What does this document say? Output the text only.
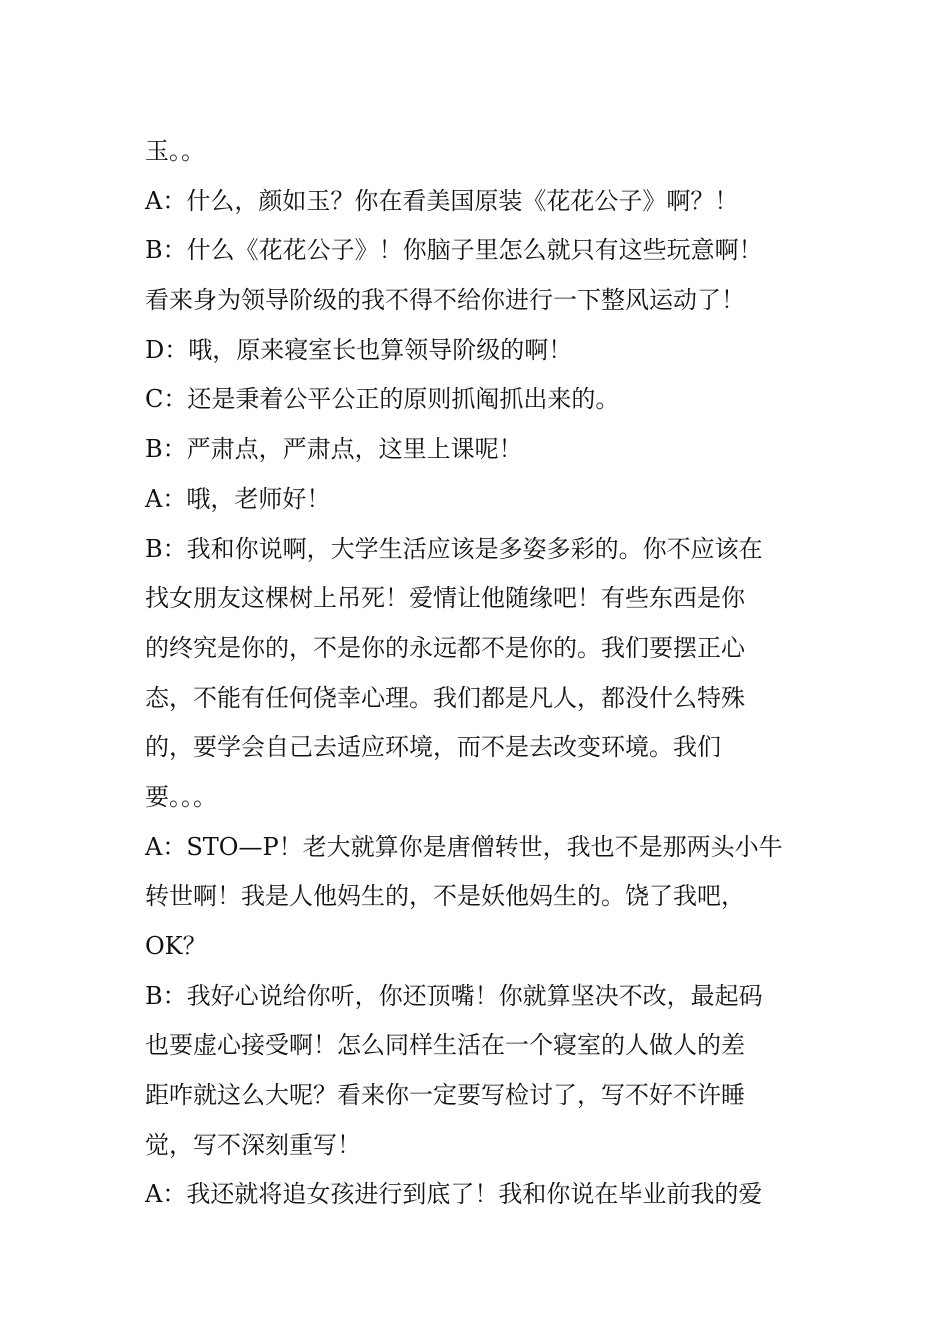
玉。。
A：什么，颜如玉？你在看美国原装《花花公子》啊？！
B：什么《花花公子》！你脑子里怎么就只有这些玩意啊！
看来身为领导阶级的我不得不给你进行一下整风运动了！
D：哦，原来寝室长也算领导阶级的啊！
C：还是秉着公平公正的原则抓阄抓出来的。
B：严肃点，严肃点，这里上课呢！
A：哦，老师好！
B：我和你说啊，大学生活应该是多姿多彩的。你不应该在
找女朋友这棵树上吊死！爱情让他随缘吧！有些东西是你
的终究是你的，不是你的永远都不是你的。我们要摆正心
态，不能有任何侥幸心理。我们都是凡人，都没什么特殊
的，要学会自己去适应环境，而不是去改变环境。我们
要。。。
A：STO—P！老大就算你是唐僧转世，我也不是那两头小牛
转世啊！我是人他妈生的，不是妖他妈生的。饶了我吧，
OK？
B：我好心说给你听，你还顶嘴！你就算坚决不改，最起码
也要虚心接受啊！怎么同样生活在一个寝室的人做人的差
距咋就这么大呢？看来你一定要写检讨了，写不好不许睡
觉，写不深刻重写！
A：我还就将追女孩进行到底了！我和你说在毕业前我的爱
